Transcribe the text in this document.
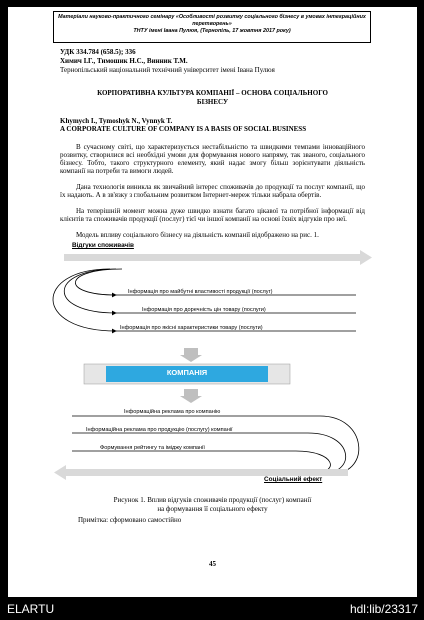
Матеріали науково-практичного семінару «Особливості розвитку соціального бізнесу в умовах інтеграційних
перетворень»
ТНТУ імені Івана Пулюя, (Тернопіль, 17 жовтня 2017 року)
УДК 334.784 (658.5); 336
Химич І.Г., Тимошик Н.С., Винник Т.М.
Тернопільський національний технічний університет імені Івана Пулюя
КОРПОРАТИВНА КУЛЬТУРА КОМПАНІЇ – ОСНОВА СОЦІАЛЬНОГО
БІЗНЕСУ
Khymych I., Tymoshyk N., Vynnyk T.
A CORPORATE CULTURE OF COMPANY IS A BASIS OF SOCIAL BUSINESS
В сучасному світі, що характеризується нестабільністю та швидкими темпами інноваційного розвитку, створилися всі необхідні умови для формування нового напряму, так званого, соціального бізнесу. Тобто, такого структурного елементу, який надає змогу більш зорієнтувати діяльність компанії на потреби та вимоги людей.
Дана технологія виникла як звичайний інтерес споживачів до продукції та послуг компанії, що їх надають. А в зв'язку з глобальним розвитком Інтернет-мереж тільки набрала обертів.
На теперішній момент можна дуже швидко взнати багато цікавої та потрібної інформації від клієнтів та споживачів продукції (послуг) тієї чи іншої компанії на основі їхніх відгуків про неї.
Модель впливу соціального бізнесу на діяльність компанії відображено на рис. 1.
Відгуки споживачів
Інформація про майбутні властивості продукції (послуг)
Інформація про доречність цін товару (послуги)
Інформація про якісні характеристики товару (послуги)
КОМПАНІЯ
Інформаційна реклама про компанію
Інформаційна реклама про продукцію (послугу) компанії
Формування рейтингу та іміджу компанії
Соціальний ефект
Рисунок 1. Вплив відгуків споживачів продукції (послуг) компанії
на формування її соціального ефекту
Примітка: сформовано самостійно
45
ELARTU	hdl:lib/23317
